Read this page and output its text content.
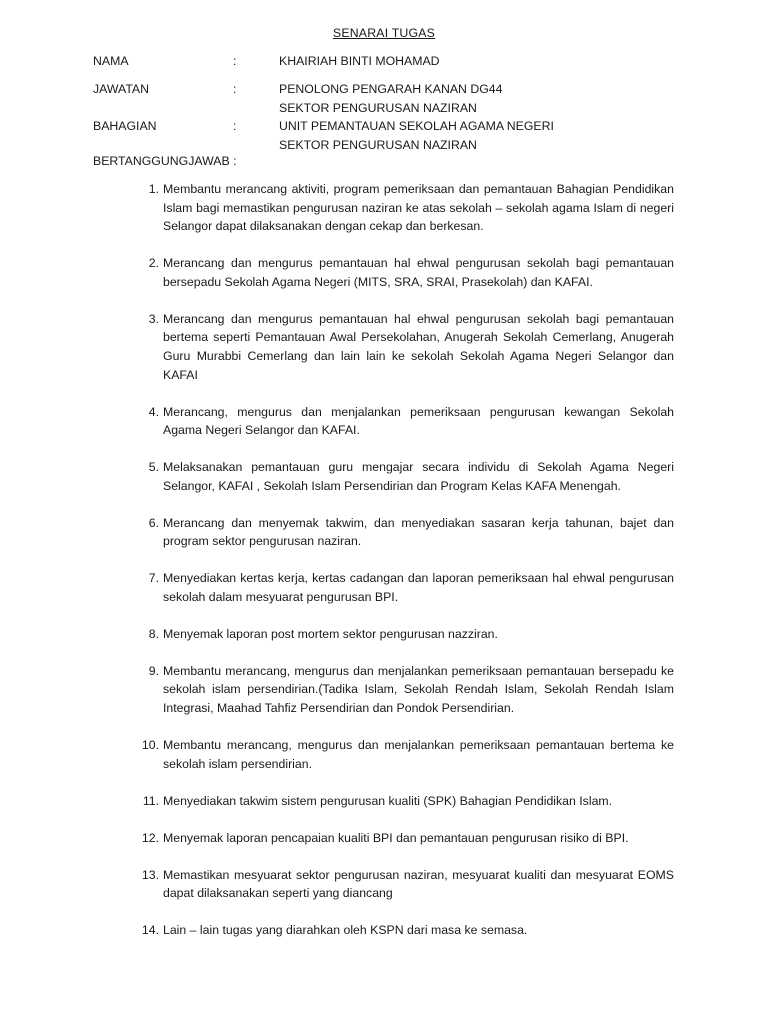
SENARAI TUGAS
NAMA	:	KHAIRIAH BINTI MOHAMAD
JAWATAN	:	PENOLONG PENGARAH KANAN DG44
SEKTOR PENGURUSAN NAZIRAN
BAHAGIAN	:	UNIT PEMANTAUAN SEKOLAH AGAMA NEGERI
SEKTOR PENGURUSAN NAZIRAN
BERTANGGUNGJAWAB :
1. Membantu merancang aktiviti, program pemeriksaan dan pemantauan Bahagian Pendidikan Islam bagi memastikan pengurusan naziran ke atas sekolah – sekolah agama Islam di negeri Selangor dapat dilaksanakan dengan cekap dan berkesan.
2. Merancang dan mengurus pemantauan hal ehwal pengurusan sekolah bagi pemantauan bersepadu Sekolah Agama Negeri (MITS, SRA, SRAI, Prasekolah) dan KAFAI.
3. Merancang dan mengurus pemantauan hal ehwal pengurusan sekolah bagi pemantauan bertema seperti Pemantauan Awal Persekolahan, Anugerah Sekolah Cemerlang, Anugerah Guru Murabbi Cemerlang dan lain lain ke sekolah Sekolah Agama Negeri Selangor dan KAFAI
4. Merancang, mengurus dan menjalankan pemeriksaan pengurusan kewangan Sekolah Agama Negeri Selangor dan KAFAI.
5. Melaksanakan pemantauan guru mengajar secara individu di Sekolah Agama Negeri Selangor, KAFAI , Sekolah Islam Persendirian dan Program Kelas KAFA Menengah.
6. Merancang dan menyemak takwim, dan menyediakan sasaran kerja tahunan, bajet dan program sektor pengurusan naziran.
7. Menyediakan kertas kerja, kertas cadangan dan laporan pemeriksaan hal ehwal pengurusan sekolah dalam mesyuarat pengurusan BPI.
8. Menyemak laporan post mortem sektor pengurusan nazziran.
9. Membantu merancang, mengurus dan menjalankan pemeriksaan pemantauan bersepadu ke sekolah islam persendirian.(Tadika Islam, Sekolah Rendah Islam, Sekolah Rendah Islam Integrasi, Maahad Tahfiz Persendirian dan Pondok Persendirian.
10. Membantu merancang, mengurus dan menjalankan pemeriksaan pemantauan bertema ke sekolah islam persendirian.
11. Menyediakan takwim sistem pengurusan kualiti (SPK) Bahagian Pendidikan Islam.
12. Menyemak laporan pencapaian kualiti BPI dan pemantauan pengurusan risiko di BPI.
13. Memastikan mesyuarat sektor pengurusan naziran, mesyuarat kualiti dan mesyuarat EOMS dapat dilaksanakan seperti yang diancang
14. Lain – lain tugas yang diarahkan oleh KSPN dari masa ke semasa.
